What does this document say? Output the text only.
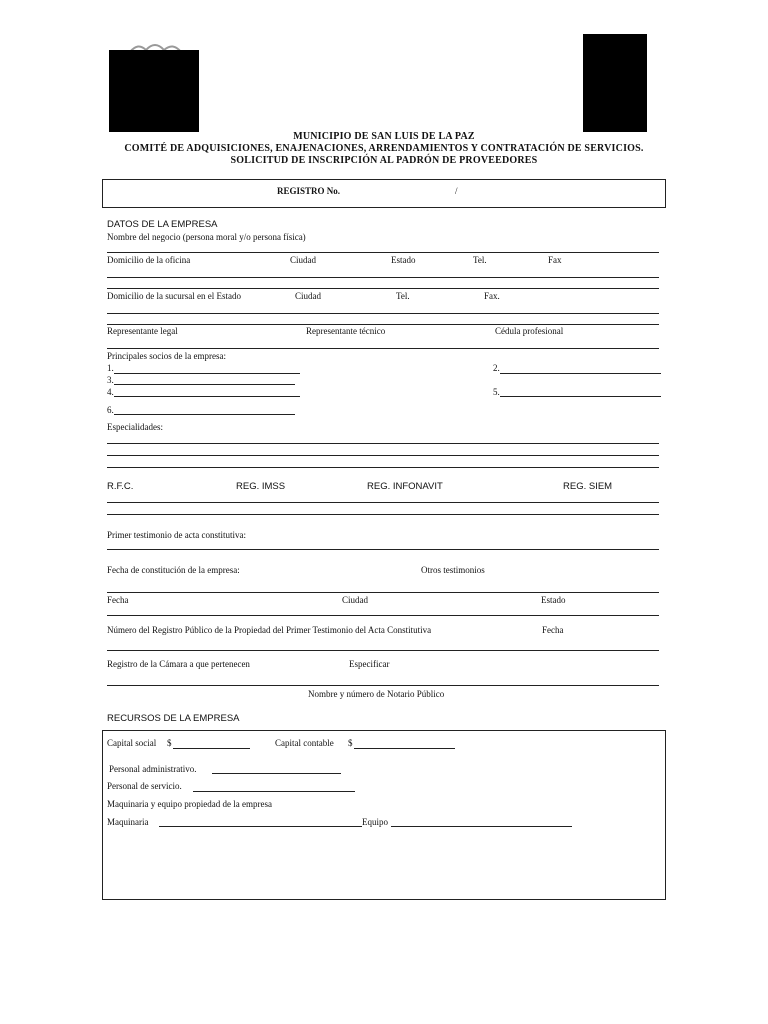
MUNICIPIO DE SAN LUIS DE LA PAZ
COMITÉ DE ADQUISICIONES, ENAJENACIONES, ARRENDAMIENTOS Y CONTRATACIÓN DE SERVICIOS.
SOLICITUD DE INSCRIPCIÓN AL PADRÓN DE PROVEEDORES
REGISTRO No.	/
DATOS DE LA EMPRESA
Nombre del negocio (persona moral y/o persona física)
Domicilio de la oficina	Ciudad	Estado	Tel.	Fax
Domicilio de la sucursal en el Estado	Ciudad	Tel.	Fax.
Representante legal	Representante técnico	Cédula profesional
Principales socios de la empresa:
1.	2.
3.
4.	5.
6.
Especialidades:
R.F.C.	REG. IMSS	REG. INFONAVIT	REG. SIEM
Primer testimonio de acta constitutiva:
Fecha de constitución de la empresa:	Otros testimonios
Fecha	Ciudad	Estado
Número del Registro Público de la Propiedad del Primer Testimonio del Acta Constitutiva	Fecha
Registro de la Cámara a que pertenecen	Especificar
Nombre y número de Notario Público
RECURSOS DE LA EMPRESA
Capital social $	Capital contable $
Personal administrativo.
Personal de servicio.
Maquinaria y equipo propiedad de la empresa
Maquinaria	Equipo
